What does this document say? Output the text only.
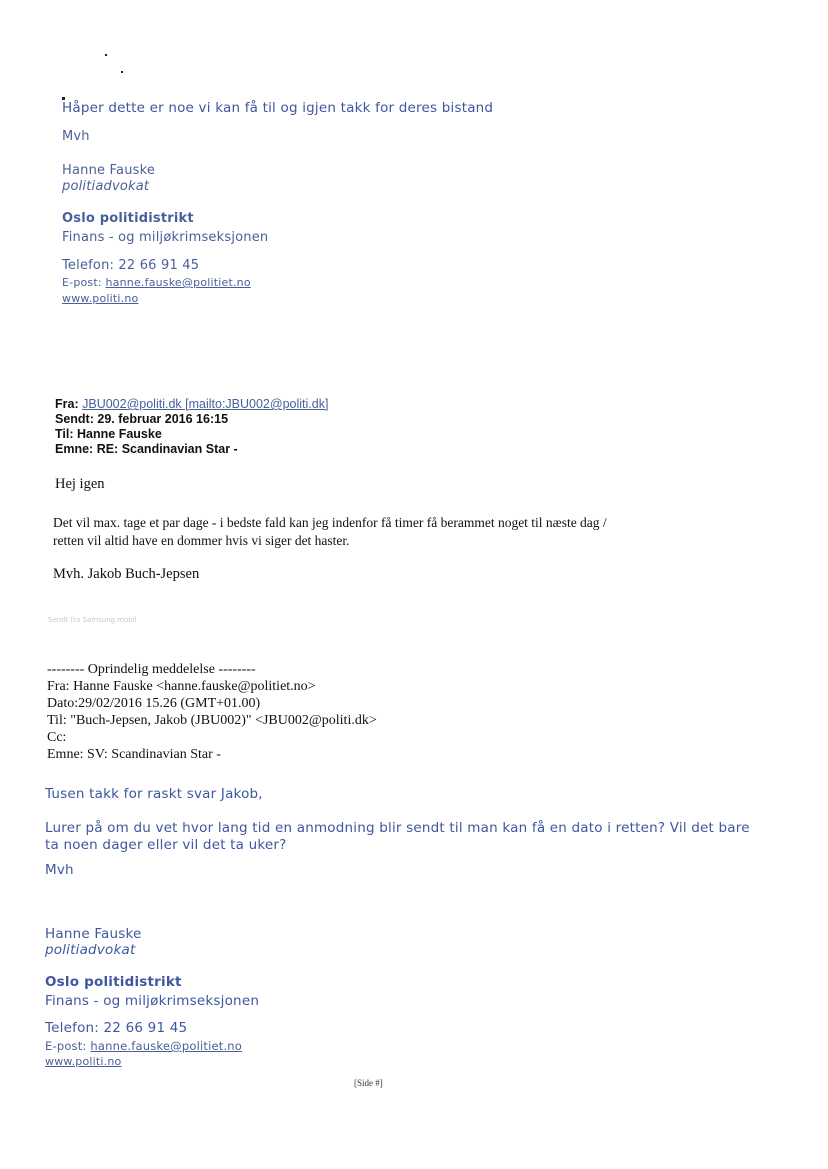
Håper dette er noe vi kan få til og igjen takk for deres bistand
Mvh
Hanne Fauske
politiadvokat
Oslo politidistrikt
Finans - og miljøkrimseksjonen
Telefon: 22 66 91 45
E-post: hanne.fauske@politiet.no
www.politi.no
Fra: JBU002@politi.dk [mailto:JBU002@politi.dk]
Sendt: 29. februar 2016 16:15
Til: Hanne Fauske
Emne: RE: Scandinavian Star -
Hej igen
Det vil max. tage et par dage - i bedste fald kan jeg indenfor få timer få berammet noget til næste dag /
retten vil altid have en dommer hvis vi siger det haster.
Mvh. Jakob Buch-Jepsen
Sendt fra Samsung mobil
-------- Oprindelig meddelelse --------
Fra: Hanne Fauske <hanne.fauske@politiet.no>
Dato:29/02/2016 15.26 (GMT+01.00)
Til: "Buch-Jepsen, Jakob (JBU002)" <JBU002@politi.dk>
Cc:
Emne: SV: Scandinavian Star -
Tusen takk for raskt svar Jakob,
Lurer på om du vet hvor lang tid en anmodning blir sendt til man kan få en dato i retten? Vil det bare
ta noen dager eller vil det ta uker?
Mvh
Hanne Fauske
politiadvokat
Oslo politidistrikt
Finans - og miljøkrimseksjonen
Telefon: 22 66 91 45
E-post: hanne.fauske@politiet.no
www.politi.no
[Side #]
